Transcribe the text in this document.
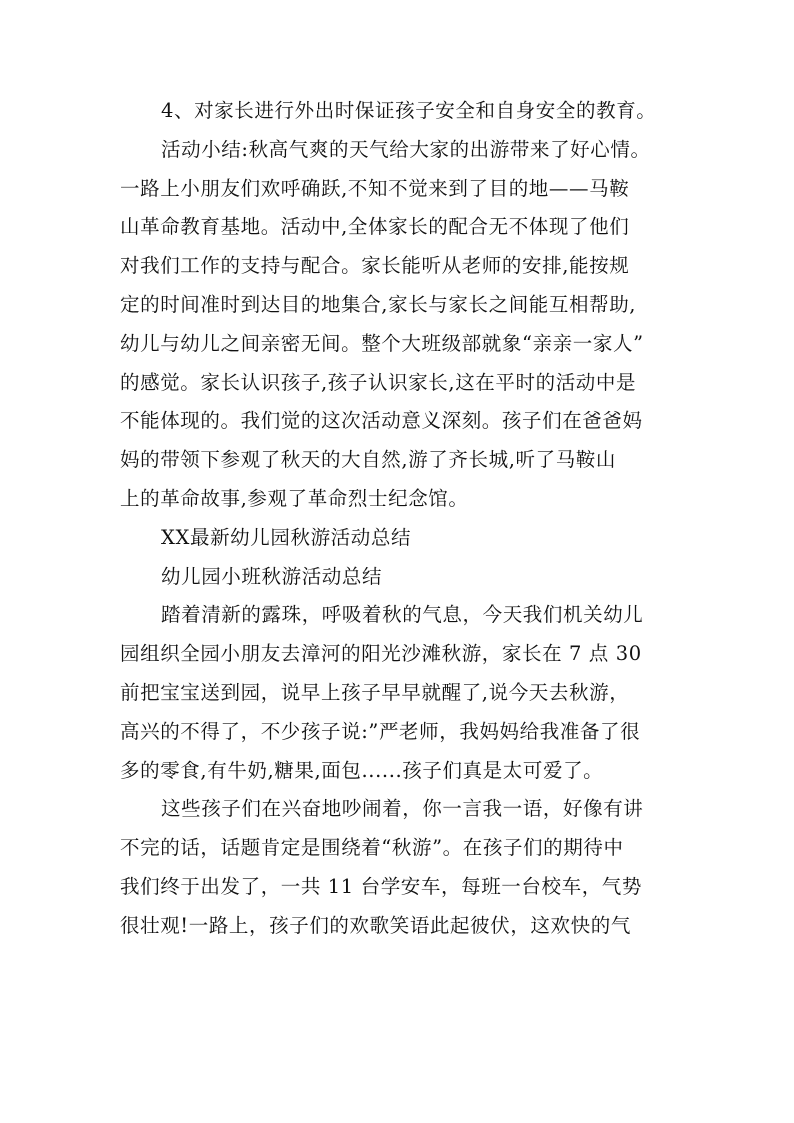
4、对家长进行外出时保证孩子安全和自身安全的教育。
活动小结:秋高气爽的天气给大家的出游带来了好心情。
一路上小朋友们欢呼确跃,不知不觉来到了目的地——马鞍
山革命教育基地。活动中,全体家长的配合无不体现了他们
对我们工作的支持与配合。家长能听从老师的安排,能按规
定的时间准时到达目的地集合,家长与家长之间能互相帮助,
幼儿与幼儿之间亲密无间。整个大班级部就象“亲亲一家人”
的感觉。家长认识孩子,孩子认识家长,这在平时的活动中是
不能体现的。我们觉的这次活动意义深刻。孩子们在爸爸妈
妈的带领下参观了秋天的大自然,游了齐长城,听了马鞍山
上的革命故事,参观了革命烈士纪念馆。
XX最新幼儿园秋游活动总结
幼儿园小班秋游活动总结
踏着清新的露珠，呼吸着秋的气息，今天我们机关幼儿
园组织全园小朋友去漳河的阳光沙滩秋游，家长在 7 点 30
前把宝宝送到园，说早上孩子早早就醒了,说今天去秋游，
高兴的不得了，不少孩子说:”严老师，我妈妈给我准备了很
多的零食,有牛奶,糖果,面包......孩子们真是太可爱了。
这些孩子们在兴奋地吵闹着，你一言我一语，好像有讲
不完的话，话题肯定是围绕着“秋游”。在孩子们的期待中
我们终于出发了，一共 11 台学安车，每班一台校车，气势
很壮观!一路上，孩子们的欢歌笑语此起彼伏，这欢快的气
